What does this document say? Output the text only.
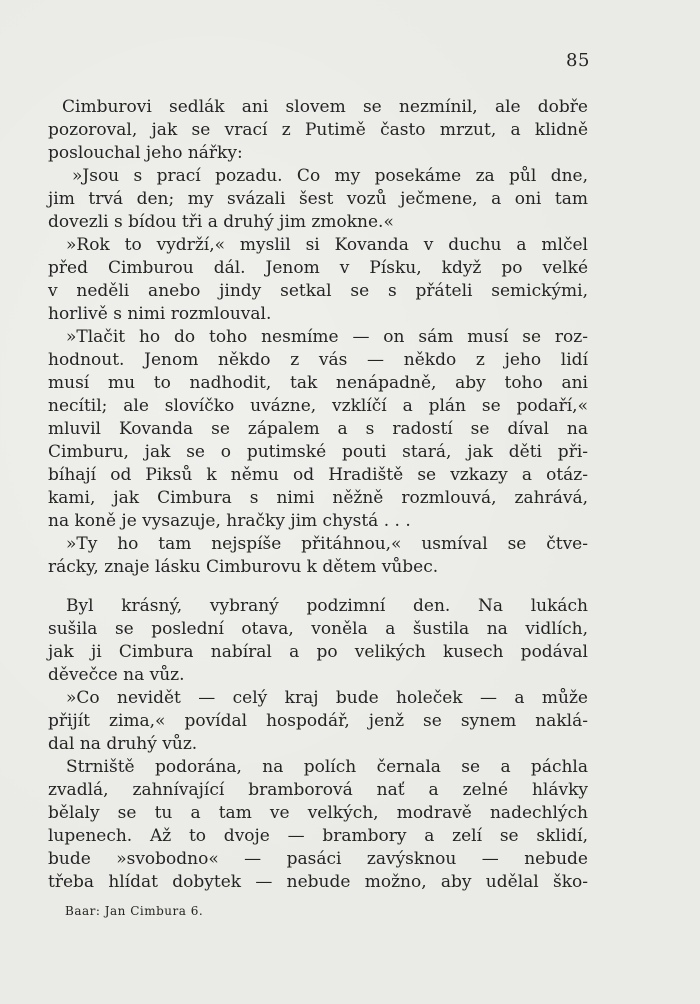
85
Cimburovi sedlák ani slovem se nezmínil, ale dobře
pozoroval, jak se vrací z Putimě často mrzut, a klidně
poslouchal jeho nářky:
»Jsou s prací pozadu. Co my posekáme za půl dne,
jim trvá den; my svázali šest vozů ječmene, a oni tam
dovezli s bídou tři a druhý jim zmokne.«
»Rok to vydrží,« myslil si Kovanda v duchu a mlčel
před Cimburou dál. Jenom v Písku, když po velké
v neděli anebo jindy setkal se s přáteli semickými,
horlivě s nimi rozmlouval.
»Tlačit ho do toho nesmíme — on sám musí se roz-
hodnout. Jenom někdo z vás — někdo z jeho lidí
musí mu to nadhodit, tak nenápadně, aby toho ani
necítil; ale slovíčko uvázne, vzklíčí a plán se podaří,«
mluvil Kovanda se zápalem a s radostí se díval na
Cimburu, jak se o putimské pouti stará, jak děti při-
bíhají od Piksů k němu od Hradiště se vzkazy a otáz-
kami, jak Cimbura s nimi něžně rozmlouvá, zahrává,
na koně je vysazuje, hračky jim chystá . . .
»Ty ho tam nejspíše přitáhnou,« usmíval se čtve-
rácky, znaje lásku Cimburovu k dětem vůbec.
Byl krásný, vybraný podzimní den. Na lukách
sušila se poslední otava, voněla a šustila na vidlích,
jak ji Cimbura nabíral a po velikých kusech podával
děvečce na vůz.
»Co nevidět — celý kraj bude holeček — a může
přijít zima,« povídal hospodář, jenž se synem naklá-
dal na druhý vůz.
Strniště podorána, na polích černala se a páchla
zvadlá, zahnívající bramborová nať a zelné hlávky
bělaly se tu a tam ve velkých, modravě nadechlých
lupenech. Až to dvoje — brambory a zelí se sklidí,
bude »svobodno« — pasáci zavýsknou — nebude
třeba hlídat dobytek — nebude možno, aby udělal ško-
Baar: Jan Cimbura 6.
